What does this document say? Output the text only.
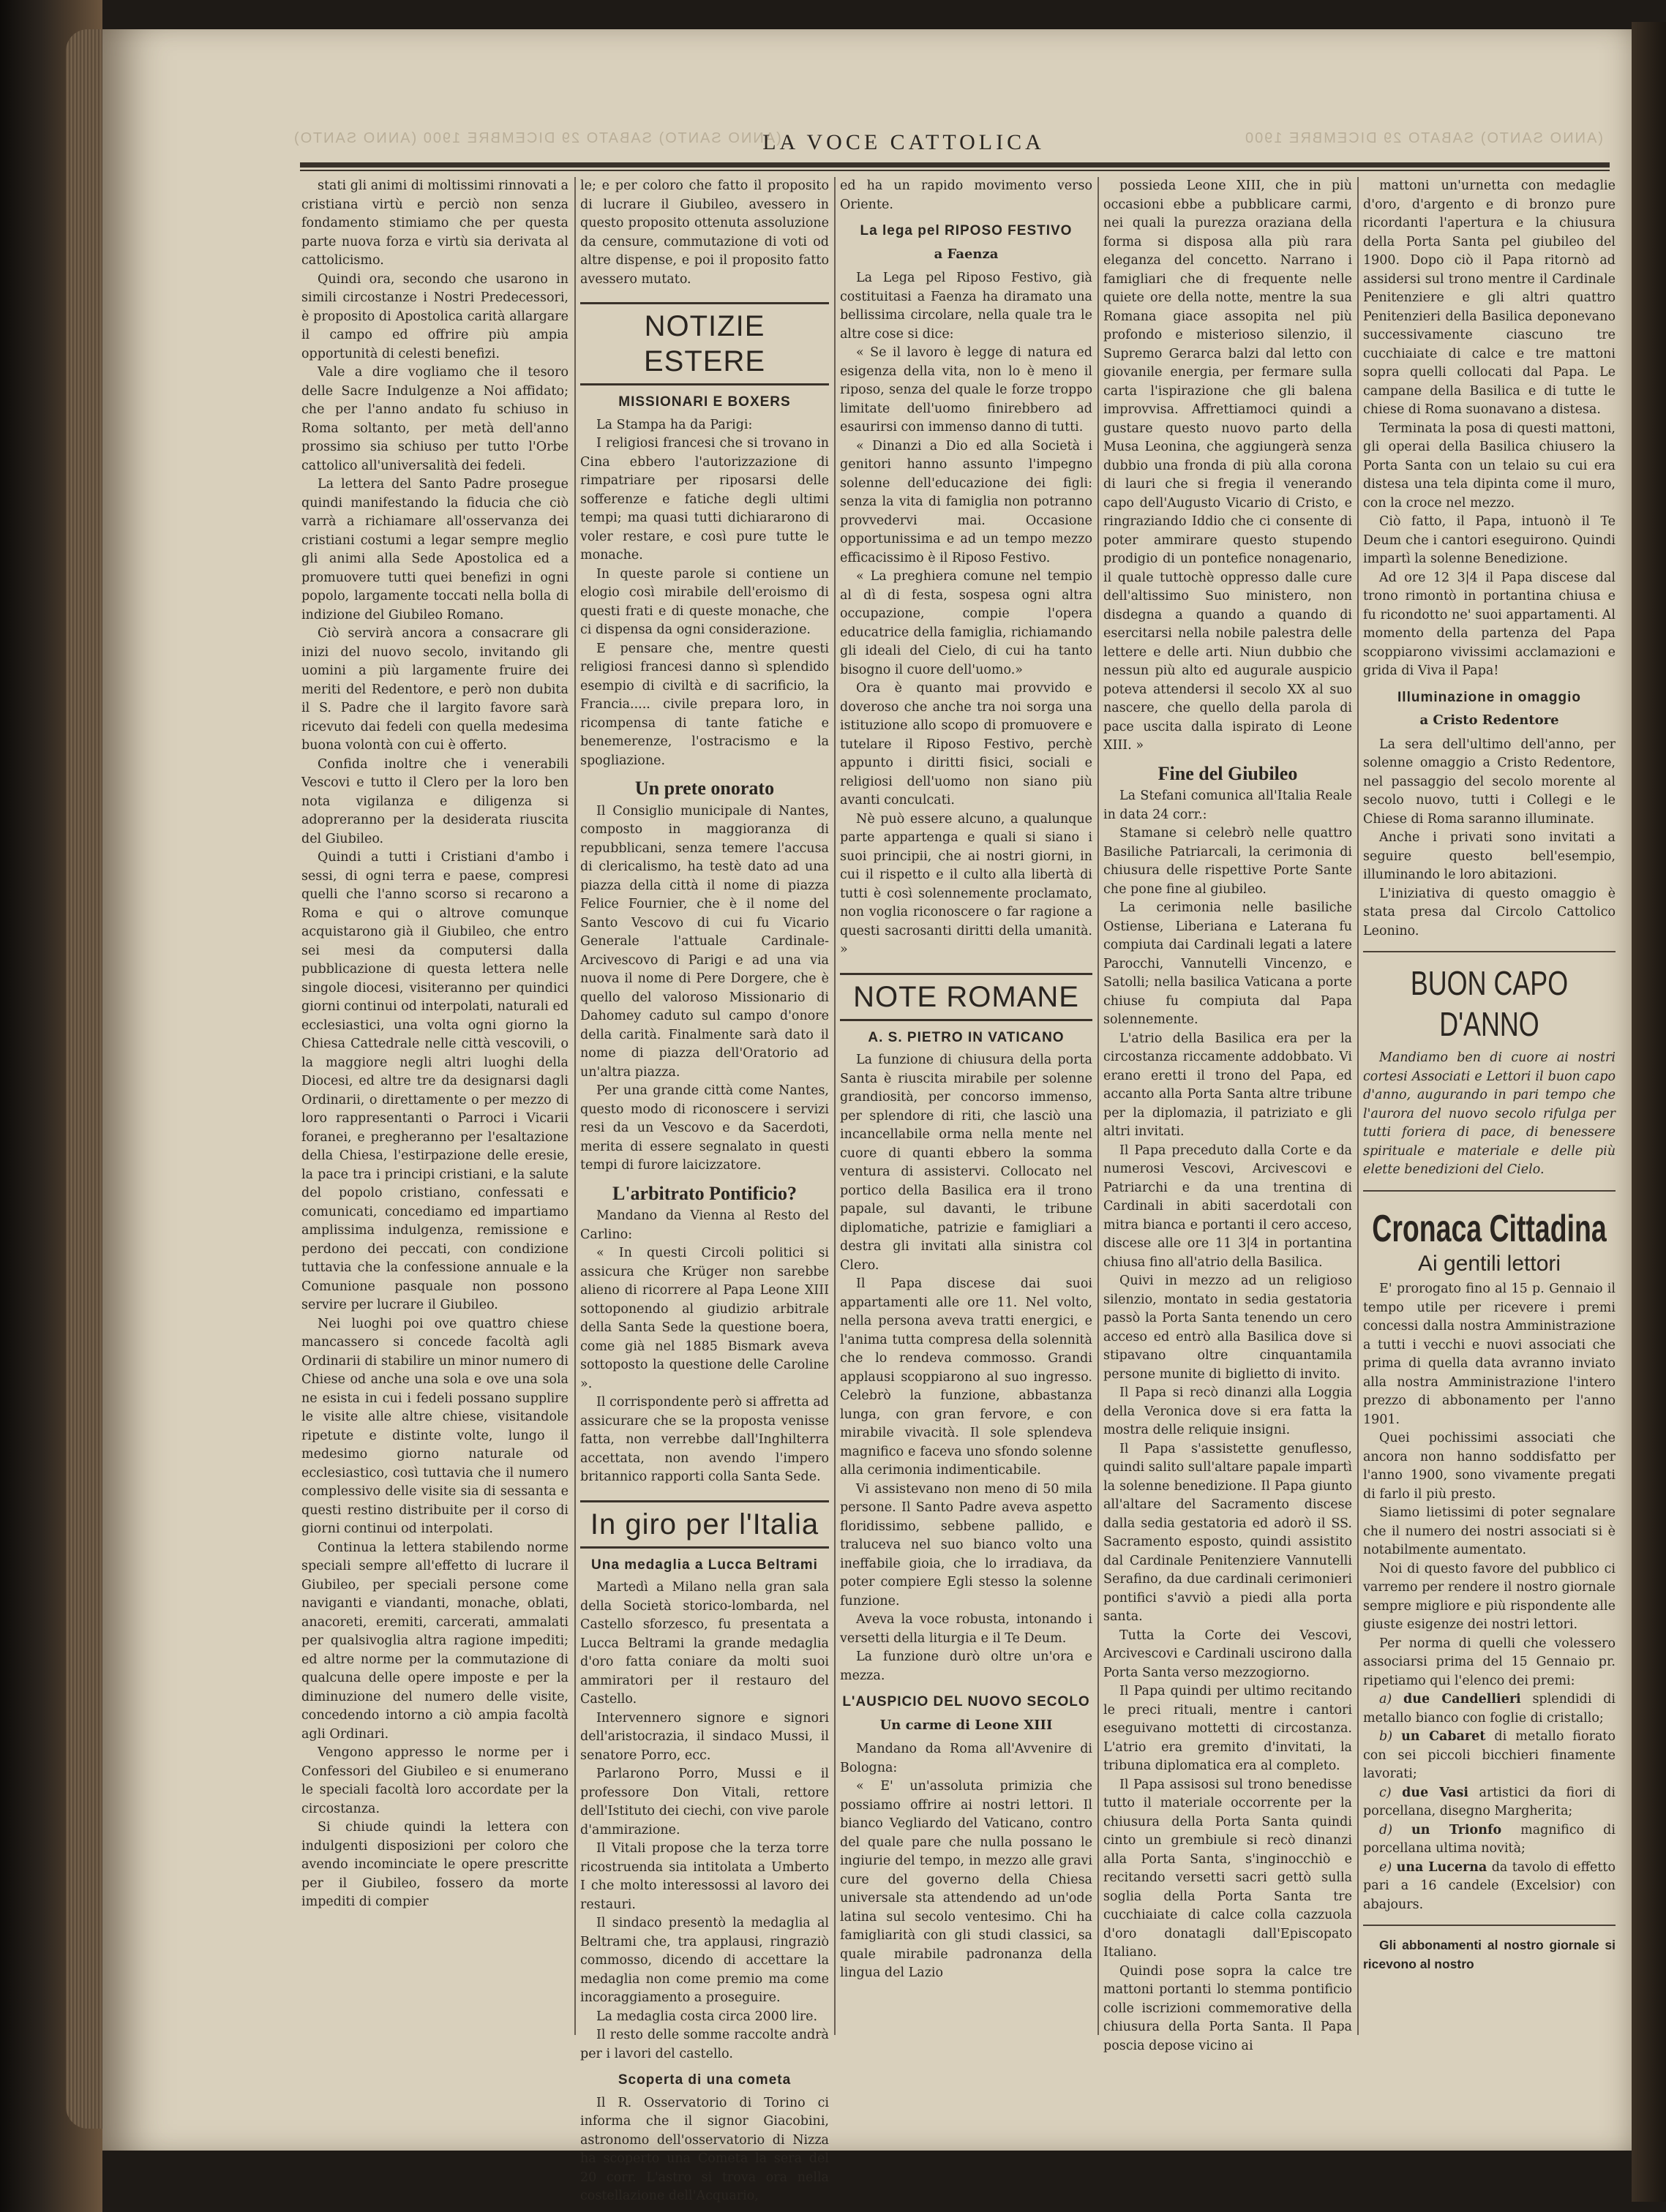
(ANNO SANTO) SABATO 29 DICEMBRE 1900 (ANNO SANTO)	(ANNO SANTO) SABATO 29 DICEMBRE 1900
LA VOCE CATTOLICA

stati gli animi di moltissimi rinnovati a cristiana virtù e perciò non senza fondamento stimiamo che per questa parte nuova forza e virtù sia derivata al cattolicismo.

Quindi ora, secondo che usarono in simili circostanze i Nostri Predecessori, è proposito di Apostolica carità allargare il campo ed offrire più ampia opportunità di celesti benefizi.

Vale a dire vogliamo che il tesoro delle Sacre Indulgenze a Noi affidato; che per l'anno andato fu schiuso in Roma soltanto, per metà dell'anno prossimo sia schiuso per tutto l'Orbe cattolico all'universalità dei fedeli.

La lettera del Santo Padre prosegue quindi manifestando la fiducia che ciò varrà a richiamare all'osservanza dei cristiani costumi a legar sempre meglio gli animi alla Sede Apostolica ed a promuovere tutti quei benefizi in ogni popolo, largamente toccati nella bolla di indizione del Giubileo Romano.

Ciò servirà ancora a consacrare gli inizi del nuovo secolo, invitando gli uomini a più largamente fruire dei meriti del Redentore, e però non dubita il S. Padre che il largito favore sarà ricevuto dai fedeli con quella medesima buona volontà con cui è offerto.

Confida inoltre che i venerabili Vescovi e tutto il Clero per la loro ben nota vigilanza e diligenza si adopreranno per la desiderata riuscita del Giubileo.

Quindi a tutti i Cristiani d'ambo i sessi, di ogni terra e paese, compresi quelli che l'anno scorso si recarono a Roma e qui o altrove comunque acquistarono già il Giubileo, che entro sei mesi da computersi dalla pubblicazione di questa lettera nelle singole diocesi, visiteranno per quindici giorni continui od interpolati, naturali ed ecclesiastici, una volta ogni giorno la Chiesa Cattedrale nelle città vescovili, o la maggiore negli altri luoghi della Diocesi, ed altre tre da designarsi dagli Ordinarii, o direttamente o per mezzo di loro rappresentanti o Parroci i Vicarii foranei, e pregheranno per l'esaltazione della Chiesa, l'estirpazione delle eresie, la pace tra i principi cristiani, e la salute del popolo cristiano, confessati e comunicati, concediamo ed impartiamo amplissima indulgenza, remissione e perdono dei peccati, con condizione tuttavia che la confessione annuale e la Comunione pasquale non possono servire per lucrare il Giubileo.

Nei luoghi poi ove quattro chiese mancassero si concede facoltà agli Ordinarii di stabilire un minor numero di Chiese od anche una sola e ove una sola ne esista in cui i fedeli possano supplire le visite alle altre chiese, visitandole ripetute e distinte volte, lungo il medesimo giorno naturale od ecclesiastico, così tuttavia che il numero complessivo delle visite sia di sessanta e questi restino distribuite per il corso di giorni continui od interpolati.

Continua la lettera stabilendo norme speciali sempre all'effetto di lucrare il Giubileo, per speciali persone come naviganti e viandanti, monache, oblati, anacoreti, eremiti, carcerati, ammalati per qualsivoglia altra ragione impediti; ed altre norme per la commutazione di qualcuna delle opere imposte e per la diminuzione del numero delle visite, concedendo intorno a ciò ampia facoltà agli Ordinari.

Vengono appresso le norme per i Confessori del Giubileo e si enumerano le speciali facoltà loro accordate per la circostanza.

Si chiude quindi la lettera con indulgenti disposizioni per coloro che avendo incominciate le opere prescritte per il Giubileo, fossero da morte impediti di compier

le; e per coloro che fatto il proposito di lucrare il Giubileo, avessero in questo proposito ottenuta assoluzione da censure, commutazione di voti od altre dispense, e poi il proposito fatto avessero mutato.

NOTIZIE ESTERE
MISSIONARI E BOXERS

La Stampa ha da Parigi:

I religiosi francesi che si trovano in Cina ebbero l'autorizzazione di rimpatriare per riposarsi delle sofferenze e fatiche degli ultimi tempi; ma quasi tutti dichiararono di voler restare, e così pure tutte le monache.

In queste parole si contiene un elogio così mirabile dell'eroismo di questi frati e di queste monache, che ci dispensa da ogni considerazione.

E pensare che, mentre questi religiosi francesi danno sì splendido esempio di civiltà e di sacrificio, la Francia..... civile prepara loro, in ricompensa di tante fatiche e benemerenze, l'ostracismo e la spogliazione.

Un prete onorato

Il Consiglio municipale di Nantes, composto in maggioranza di repubblicani, senza temere l'accusa di clericalismo, ha testè dato ad una piazza della città il nome di piazza Felice Fournier, che è il nome del Santo Vescovo di cui fu Vicario Generale l'attuale Cardinale-Arcivescovo di Parigi e ad una via nuova il nome di Pere Dorgere, che è quello del valoroso Missionario di Dahomey caduto sul campo d'onore della carità. Finalmente sarà dato il nome di piazza dell'Oratorio ad un'altra piazza.

Per una grande città come Nantes, questo modo di riconoscere i servizi resi da un Vescovo e da Sacerdoti, merita di essere segnalato in questi tempi di furore laicizzatore.

L'arbitrato Pontificio?

Mandano da Vienna al Resto del Carlino:

« In questi Circoli politici si assicura che Krüger non sarebbe alieno di ricorrere al Papa Leone XIII sottoponendo al giudizio arbitrale della Santa Sede la questione boera, come già nel 1885 Bismark aveva sottoposto la questione delle Caroline ».

Il corrispondente però si affretta ad assicurare che se la proposta venisse fatta, non verrebbe dall'Inghilterra accettata, non avendo l'impero britannico rapporti colla Santa Sede.

In giro per l'Italia
Una medaglia a Lucca Beltrami

Martedì a Milano nella gran sala della Società storico-lombarda, nel Castello sforzesco, fu presentata a Lucca Beltrami la grande medaglia d'oro fatta coniare da molti suoi ammiratori per il restauro del Castello.

Intervennero signore e signori dell'aristocrazia, il sindaco Mussi, il senatore Porro, ecc.

Parlarono Porro, Mussi e il professore Don Vitali, rettore dell'Istituto dei ciechi, con vive parole d'ammirazione.

Il Vitali propose che la terza torre ricostruenda sia intitolata a Umberto I che molto interessossi al lavoro dei restauri.

Il sindaco presentò la medaglia al Beltrami che, tra applausi, ringraziò commosso, dicendo di accettare la medaglia non come premio ma come incoraggiamento a proseguire.

La medaglia costa circa 2000 lire.

Il resto delle somme raccolte andrà per i lavori del castello.

Scoperta di una cometa

Il R. Osservatorio di Torino ci informa che il signor Giacobini, astronomo dell'osservatorio di Nizza ha scoperto una Cometa la sera del 20 corr. L'astro si trova ora nella costellazione dell'Acquario,

ed ha un rapido movimento verso Oriente.

La lega pel RIPOSO FESTIVO
a Faenza

La Lega pel Riposo Festivo, già costituitasi a Faenza ha diramato una bellissima circolare, nella quale tra le altre cose si dice:

« Se il lavoro è legge di natura ed esigenza della vita, non lo è meno il riposo, senza del quale le forze troppo limitate dell'uomo finirebbero ad esaurirsi con immenso danno di tutti.

« Dinanzi a Dio ed alla Società i genitori hanno assunto l'impegno solenne dell'educazione dei figli: senza la vita di famiglia non potranno provvedervi mai. Occasione opportunissima e ad un tempo mezzo efficacissimo è il Riposo Festivo.

« La preghiera comune nel tempio al dì di festa, sospesa ogni altra occupazione, compie l'opera educatrice della famiglia, richiamando gli ideali del Cielo, di cui ha tanto bisogno il cuore dell'uomo.»

Ora è quanto mai provvido e doveroso che anche tra noi sorga una istituzione allo scopo di promuovere e tutelare il Riposo Festivo, perchè appunto i diritti fisici, sociali e religiosi dell'uomo non siano più avanti conculcati.

Nè può essere alcuno, a qualunque parte appartenga e quali si siano i suoi principii, che ai nostri giorni, in cui il rispetto e il culto alla libertà di tutti è così solennemente proclamato, non voglia riconoscere o far ragione a questi sacrosanti diritti della umanità. »

NOTE ROMANE
A. S. PIETRO IN VATICANO

La funzione di chiusura della porta Santa è riuscita mirabile per solenne grandiosità, per concorso immenso, per splendore di riti, che lasciò una incancellabile orma nella mente nel cuore di quanti ebbero la somma ventura di assistervi. Collocato nel portico della Basilica era il trono papale, sul davanti, le tribune diplomatiche, patrizie e famigliari a destra gli invitati alla sinistra col Clero.

Il Papa discese dai suoi appartamenti alle ore 11. Nel volto, nella persona aveva tratti energici, e l'anima tutta compresa della solennità che lo rendeva commosso. Grandi applausi scoppiarono al suo ingresso. Celebrò la funzione, abbastanza lunga, con gran fervore, e con mirabile vivacità. Il sole splendeva magnifico e faceva uno sfondo solenne alla cerimonia indimenticabile.

Vi assistevano non meno di 50 mila persone. Il Santo Padre aveva aspetto floridissimo, sebbene pallido, e traluceva nel suo bianco volto una ineffabile gioia, che lo irradiava, da poter compiere Egli stesso la solenne funzione.

Aveva la voce robusta, intonando i versetti della liturgia e il Te Deum.

La funzione durò oltre un'ora e mezza.

L'AUSPICIO DEL NUOVO SECOLO
Un carme di Leone XIII

Mandano da Roma all'Avvenire di Bologna:

« E' un'assoluta primizia che possiamo offrire ai nostri lettori. Il bianco Vegliardo del Vaticano, contro del quale pare che nulla possano le ingiurie del tempo, in mezzo alle gravi cure del governo della Chiesa universale sta attendendo ad un'ode latina sul secolo ventesimo. Chi ha famigliarità con gli studi classici, sa quale mirabile padronanza della lingua del Lazio

possieda Leone XIII, che in più occasioni ebbe a pubblicare carmi, nei quali la purezza oraziana della forma si disposa alla più rara eleganza del concetto. Narrano i famigliari che di frequente nelle quiete ore della notte, mentre la sua Romana giace assopita nel più profondo e misterioso silenzio, il Supremo Gerarca balzi dal letto con giovanile energia, per fermare sulla carta l'ispirazione che gli balena improvvisa. Affrettiamoci quindi a gustare questo nuovo parto della Musa Leonina, che aggiungerà senza dubbio una fronda di più alla corona di lauri che si fregia il venerando capo dell'Augusto Vicario di Cristo, e ringraziando Iddio che ci consente di poter ammirare questo stupendo prodigio di un pontefice nonagenario, il quale tuttochè oppresso dalle cure dell'altissimo Suo ministero, non disdegna a quando a quando di esercitarsi nella nobile palestra delle lettere e delle arti. Niun dubbio che nessun più alto ed augurale auspicio poteva attendersi il secolo XX al suo nascere, che quello della parola di pace uscita dalla ispirato di Leone XIII. »

Fine del Giubileo

La Stefani comunica all'Italia Reale in data 24 corr.:

Stamane si celebrò nelle quattro Basiliche Patriarcali, la cerimonia di chiusura delle rispettive Porte Sante che pone fine al giubileo.

La cerimonia nelle basiliche Ostiense, Liberiana e Laterana fu compiuta dai Cardinali legati a latere Parocchi, Vannutelli Vincenzo, e Satolli; nella basilica Vaticana a porte chiuse fu compiuta dal Papa solennemente.

L'atrio della Basilica era per la circostanza riccamente addobbato. Vi erano eretti il trono del Papa, ed accanto alla Porta Santa altre tribune per la diplomazia, il patriziato e gli altri invitati.

Il Papa preceduto dalla Corte e da numerosi Vescovi, Arcivescovi e Patriarchi e da una trentina di Cardinali in abiti sacerdotali con mitra bianca e portanti il cero acceso, discese alle ore 11 3|4 in portantina chiusa fino all'atrio della Basilica.

Quivi in mezzo ad un religioso silenzio, montato in sedia gestatoria passò la Porta Santa tenendo un cero acceso ed entrò alla Basilica dove si stipavano oltre cinquantamila persone munite di biglietto di invito.

Il Papa si recò dinanzi alla Loggia della Veronica dove si era fatta la mostra delle reliquie insigni.

Il Papa s'assistette genuflesso, quindi salito sull'altare papale impartì la solenne benedizione. Il Papa giunto all'altare del Sacramento discese dalla sedia gestatoria ed adorò il SS. Sacramento esposto, quindi assistito dal Cardinale Penitenziere Vannutelli Serafino, da due cardinali cerimonieri pontifici s'avviò a piedi alla porta santa.

Tutta la Corte dei Vescovi, Arcivescovi e Cardinali uscirono dalla Porta Santa verso mezzogiorno.

Il Papa quindi per ultimo recitando le preci rituali, mentre i cantori eseguivano mottetti di circostanza. L'atrio era gremito d'invitati, la tribuna diplomatica era al completo.

Il Papa assisosi sul trono benedisse tutto il materiale occorrente per la chiusura della Porta Santa quindi cinto un grembiule si recò dinanzi alla Porta Santa, s'inginocchiò e recitando versetti sacri gettò sulla soglia della Porta Santa tre cucchiaiate di calce colla cazzuola d'oro donatagli dall'Episcopato Italiano.

Quindi pose sopra la calce tre mattoni portanti lo stemma pontificio colle iscrizioni commemorative della chiusura della Porta Santa. Il Papa poscia depose vicino ai

mattoni un'urnetta con medaglie d'oro, d'argento e di bronzo pure ricordanti l'apertura e la chiusura della Porta Santa pel giubileo del 1900. Dopo ciò il Papa ritornò ad assidersi sul trono mentre il Cardinale Penitenziere e gli altri quattro Penitenzieri della Basilica deponevano successivamente ciascuno tre cucchiaiate di calce e tre mattoni sopra quelli collocati dal Papa. Le campane della Basilica e di tutte le chiese di Roma suonavano a distesa.

Terminata la posa di questi mattoni, gli operai della Basilica chiusero la Porta Santa con un telaio su cui era distesa una tela dipinta come il muro, con la croce nel mezzo.

Ciò fatto, il Papa, intuonò il Te Deum che i cantori eseguirono. Quindi impartì la solenne Benedizione.

Ad ore 12 3|4 il Papa discese dal trono rimontò in portantina chiusa e fu ricondotto ne' suoi appartamenti. Al momento della partenza del Papa scoppiarono vivissimi acclamazioni e grida di Viva il Papa!

Illuminazione in omaggio
a Cristo Redentore

La sera dell'ultimo dell'anno, per solenne omaggio a Cristo Redentore, nel passaggio del secolo morente al secolo nuovo, tutti i Collegi e le Chiese di Roma saranno illuminate.

Anche i privati sono invitati a seguire questo bell'esempio, illuminando le loro abitazioni.

L'iniziativa di questo omaggio è stata presa dal Circolo Cattolico Leonino.

BUON CAPO D'ANNO

Mandiamo ben di cuore ai nostri cortesi Associati e Lettori il buon capo d'anno, augurando in pari tempo che l'aurora del nuovo secolo rifulga per tutti foriera di pace, di benessere spirituale e materiale e delle più elette benedizioni del Cielo.

Cronaca Cittadina
Ai gentili lettori

E' prorogato fino al 15 p. Gennaio il tempo utile per ricevere i premi concessi dalla nostra Amministrazione a tutti i vecchi e nuovi associati che prima di quella data avranno inviato alla nostra Amministrazione l'intero prezzo di abbonamento per l'anno 1901.

Quei pochissimi associati che ancora non hanno soddisfatto per l'anno 1900, sono vivamente pregati di farlo il più presto.

Siamo lietissimi di poter segnalare che il numero dei nostri associati si è notabilmente aumentato.

Noi di questo favore del pubblico ci varremo per rendere il nostro giornale sempre migliore e più rispondente alle giuste esigenze dei nostri lettori.

Per norma di quelli che volessero associarsi prima del 15 Gennaio pr. ripetiamo qui l'elenco dei premi:

a) due Candellieri splendidi di metallo bianco con foglie di cristallo;

b) un Cabaret di metallo fiorato con sei piccoli bicchieri finamente lavorati;

c) due Vasi artistici da fiori di porcellana, disegno Margherita;

d) un Trionfo magnifico di porcellana ultima novità;

e) una Lucerna da tavolo di effetto pari a 16 candele (Excelsior) con abajours.

Gli abbonamenti al nostro giornale si ricevono al nostro
